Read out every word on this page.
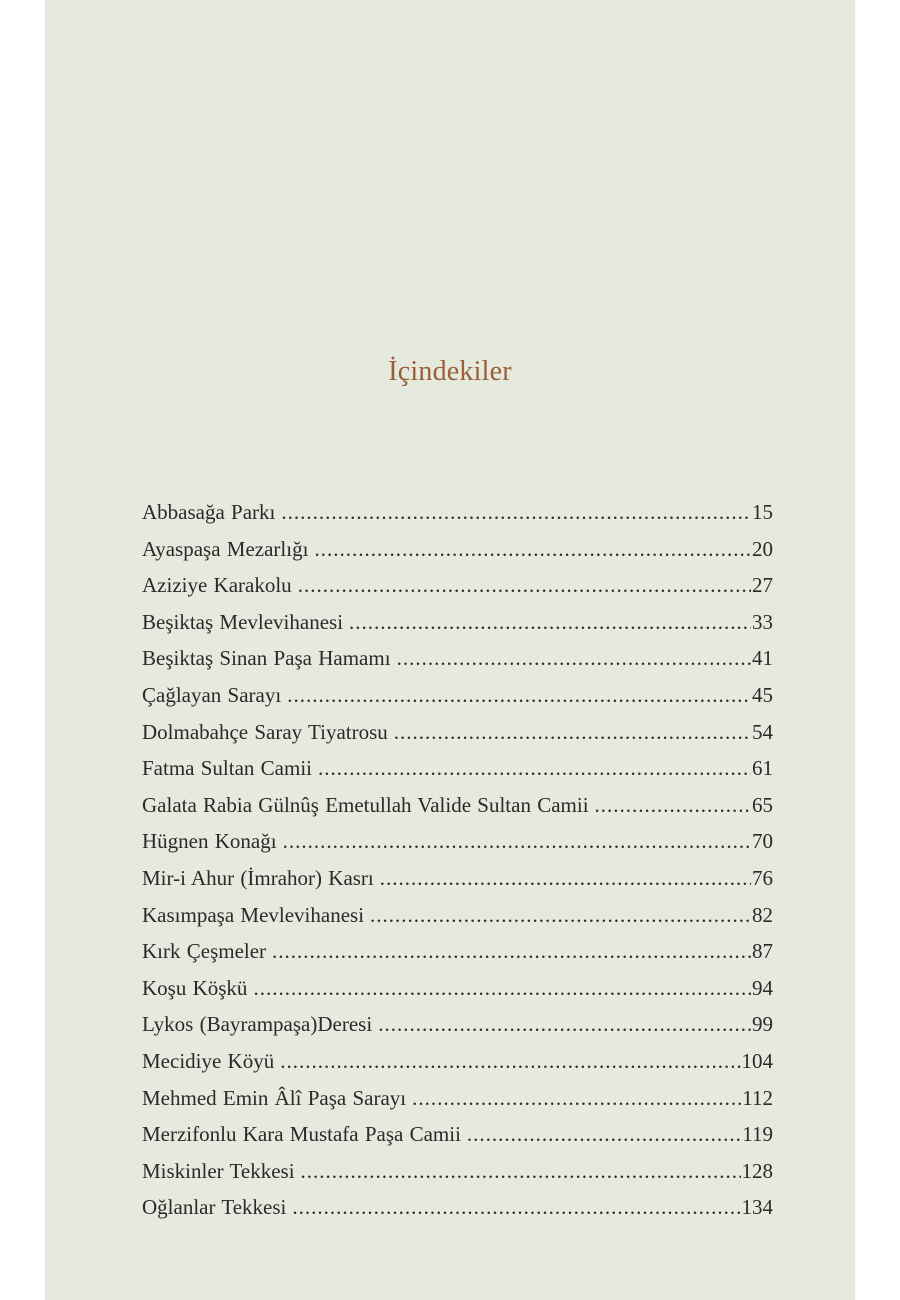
İçindekiler
Abbasağa Parkı .....	15
Ayaspaşa Mezarlığı .....	20
Aziziye Karakolu .....	27
Beşiktaş Mevlevihanesi .....	33
Beşiktaş Sinan Paşa Hamamı .....	41
Çağlayan Sarayı .....	45
Dolmabahçe Saray Tiyatrosu .....	54
Fatma Sultan Camii .....	61
Galata Rabia Gülnûş Emetullah Valide Sultan Camii .....	65
Hügnen Konağı .....	70
Mir-i Ahur (İmrahor) Kasrı .....	76
Kasımpaşa Mevlevihanesi .....	82
Kırk Çeşmeler .....	87
Koşu Köşkü .....	94
Lykos (Bayrampaşa)Deresi .....	99
Mecidiye Köyü .....	104
Mehmed Emin Âlî Paşa Sarayı .....	112
Merzifonlu Kara Mustafa Paşa Camii .....	119
Miskinler Tekkesi .....	128
Oğlanlar Tekkesi .....	134
